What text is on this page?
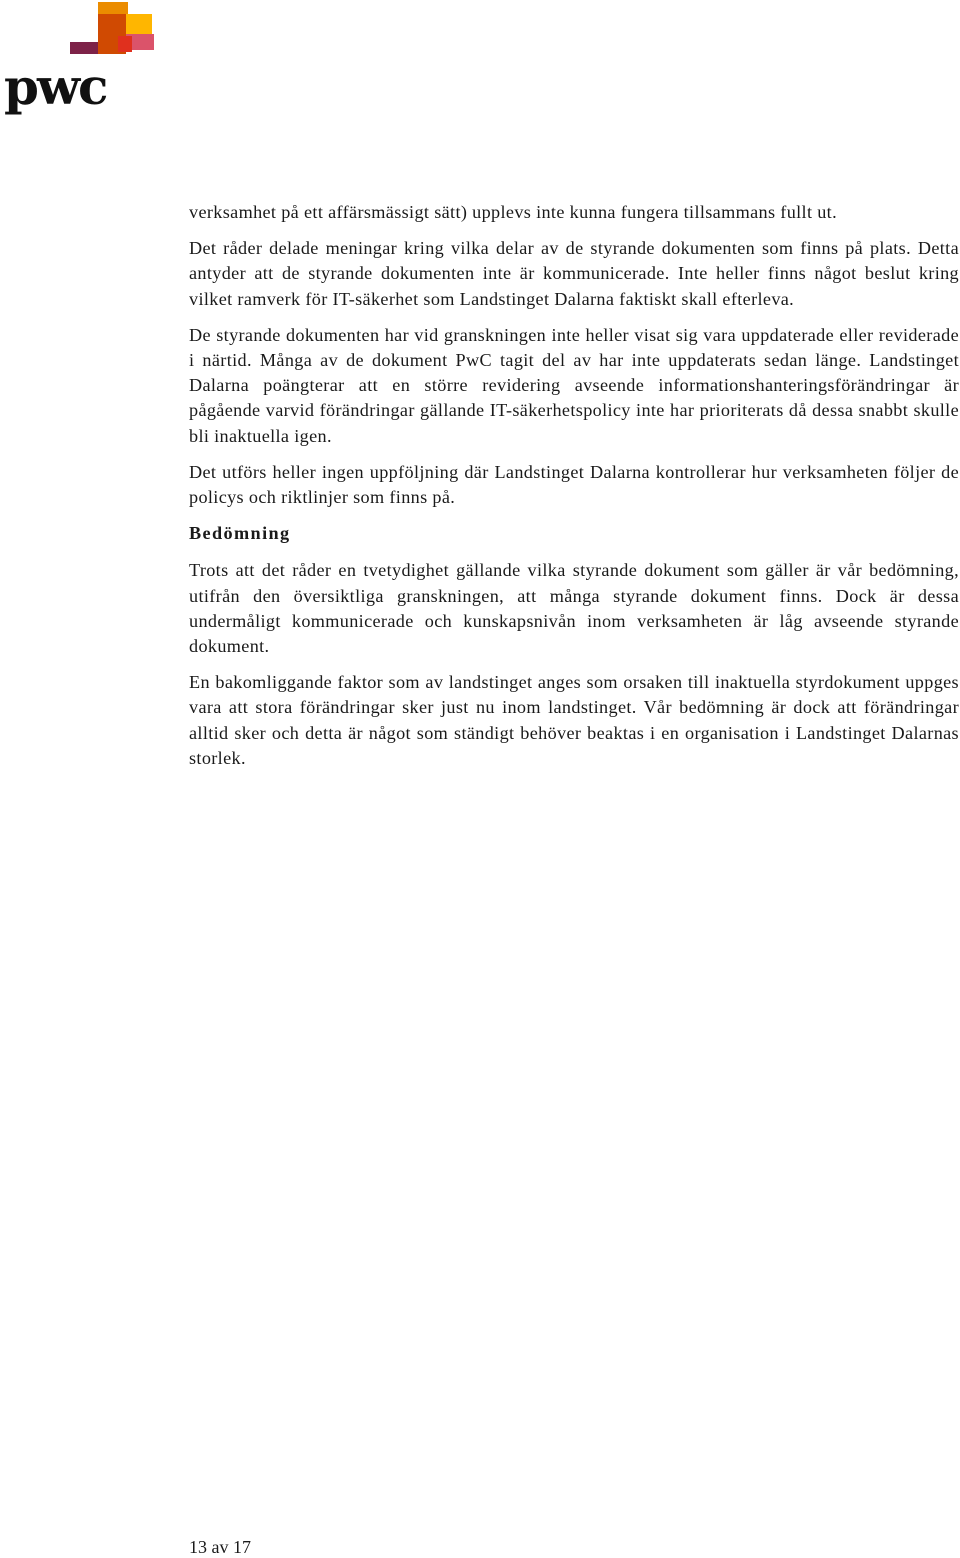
pwc

verksamhet på ett affärsmässigt sätt) upplevs inte kunna fungera tillsammans fullt ut.

Det råder delade meningar kring vilka delar av de styrande dokumenten som finns på plats. Detta antyder att de styrande dokumenten inte är kommunicerade. Inte heller finns något beslut kring vilket ramverk för IT-säkerhet som Landstinget Dalarna faktiskt skall efterleva.

De styrande dokumenten har vid granskningen inte heller visat sig vara uppdaterade eller reviderade i närtid. Många av de dokument PwC tagit del av har inte uppdaterats sedan länge. Landstinget Dalarna poängterar att en större revidering avseende informationshanteringsförändringar är pågående varvid förändringar gällande IT-säkerhetspolicy inte har prioriterats då dessa snabbt skulle bli inaktuella igen.

Det utförs heller ingen uppföljning där Landstinget Dalarna kontrollerar hur verksamheten följer de policys och riktlinjer som finns på.

Bedömning

Trots att det råder en tvetydighet gällande vilka styrande dokument som gäller är vår bedömning, utifrån den översiktliga granskningen, att många styrande dokument finns. Dock är dessa undermåligt kommunicerade och kunskapsnivån inom verksamheten är låg avseende styrande dokument.

En bakomliggande faktor som av landstinget anges som orsaken till inaktuella styrdokument uppges vara att stora förändringar sker just nu inom landstinget. Vår bedömning är dock att förändringar alltid sker och detta är något som ständigt behöver beaktas i en organisation i Landstinget Dalarnas storlek.

13 av 17
